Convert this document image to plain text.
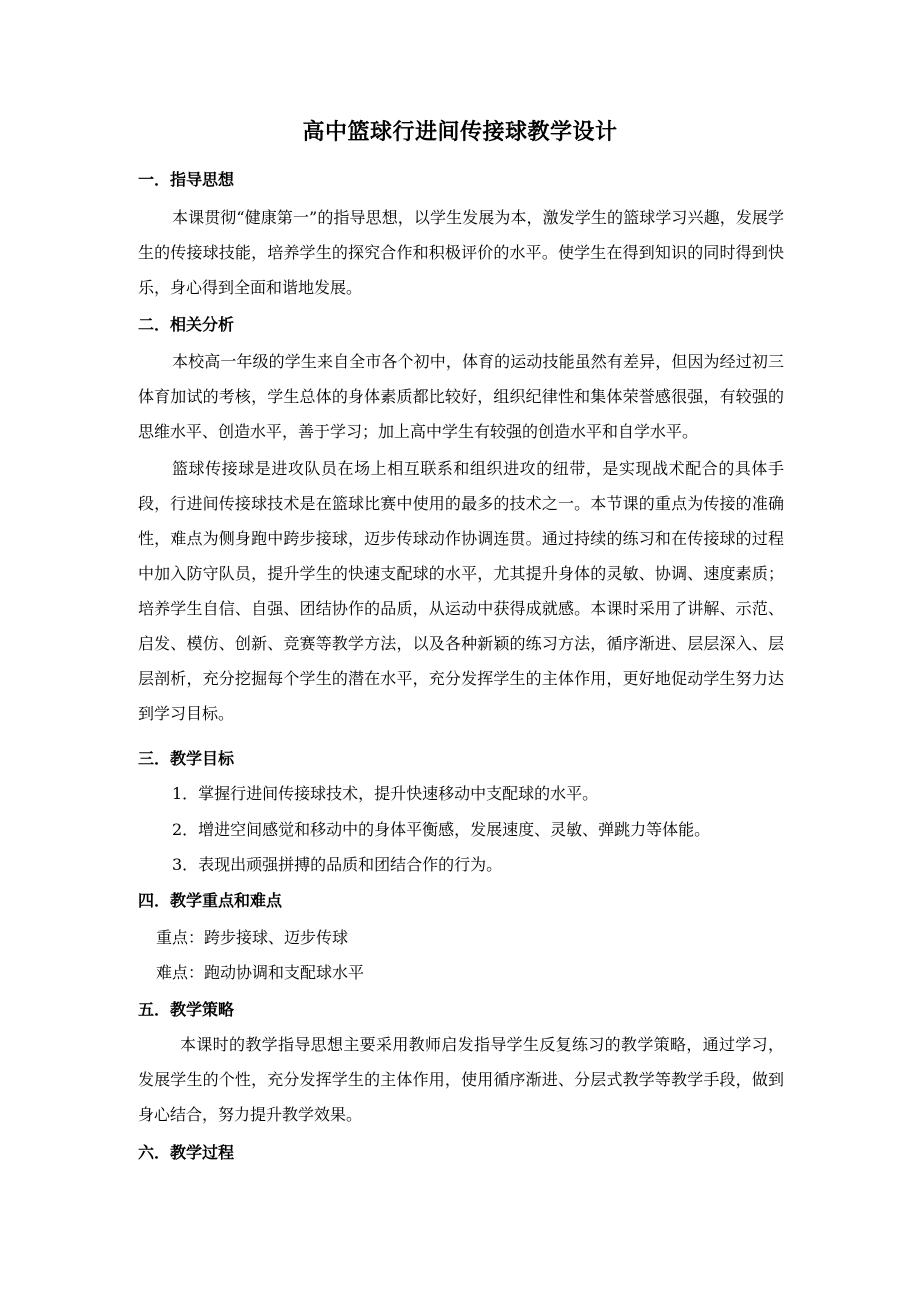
高中篮球行进间传接球教学设计
一．指导思想
本课贯彻“健康第一”的指导思想，以学生发展为本，激发学生的篮球学习兴趣，发展学生的传接球技能，培养学生的探究合作和积极评价的水平。使学生在得到知识的同时得到快乐，身心得到全面和谐地发展。
二．相关分析
本校高一年级的学生来自全市各个初中，体育的运动技能虽然有差异，但因为经过初三体育加试的考核，学生总体的身体素质都比较好，组织纪律性和集体荣誉感很强，有较强的思维水平、创造水平，善于学习；加上高中学生有较强的创造水平和自学水平。
篮球传接球是进攻队员在场上相互联系和组织进攻的纽带，是实现战术配合的具体手段，行进间传接球技术是在篮球比赛中使用的最多的技术之一。本节课的重点为传接的准确性，难点为侧身跑中跨步接球，迈步传球动作协调连贯。通过持续的练习和在传接球的过程中加入防守队员，提升学生的快速支配球的水平，尤其提升身体的灵敏、协调、速度素质；培养学生自信、自强、团结协作的品质，从运动中获得成就感。本课时采用了讲解、示范、启发、模仿、创新、竞赛等教学方法，以及各种新颖的练习方法，循序渐进、层层深入、层层剖析，充分挖掘每个学生的潜在水平，充分发挥学生的主体作用，更好地促动学生努力达到学习目标。
三．教学目标
1．掌握行进间传接球技术，提升快速移动中支配球的水平。
2．增进空间感觉和移动中的身体平衡感，发展速度、灵敏、弹跳力等体能。
3．表现出顽强拼搏的品质和团结合作的行为。
四．教学重点和难点
重点：跨步接球、迈步传球
难点：跑动协调和支配球水平
五．教学策略
本课时的教学指导思想主要采用教师启发指导学生反复练习的教学策略，通过学习，发展学生的个性，充分发挥学生的主体作用，使用循序渐进、分层式教学等教学手段，做到身心结合，努力提升教学效果。
六．教学过程
